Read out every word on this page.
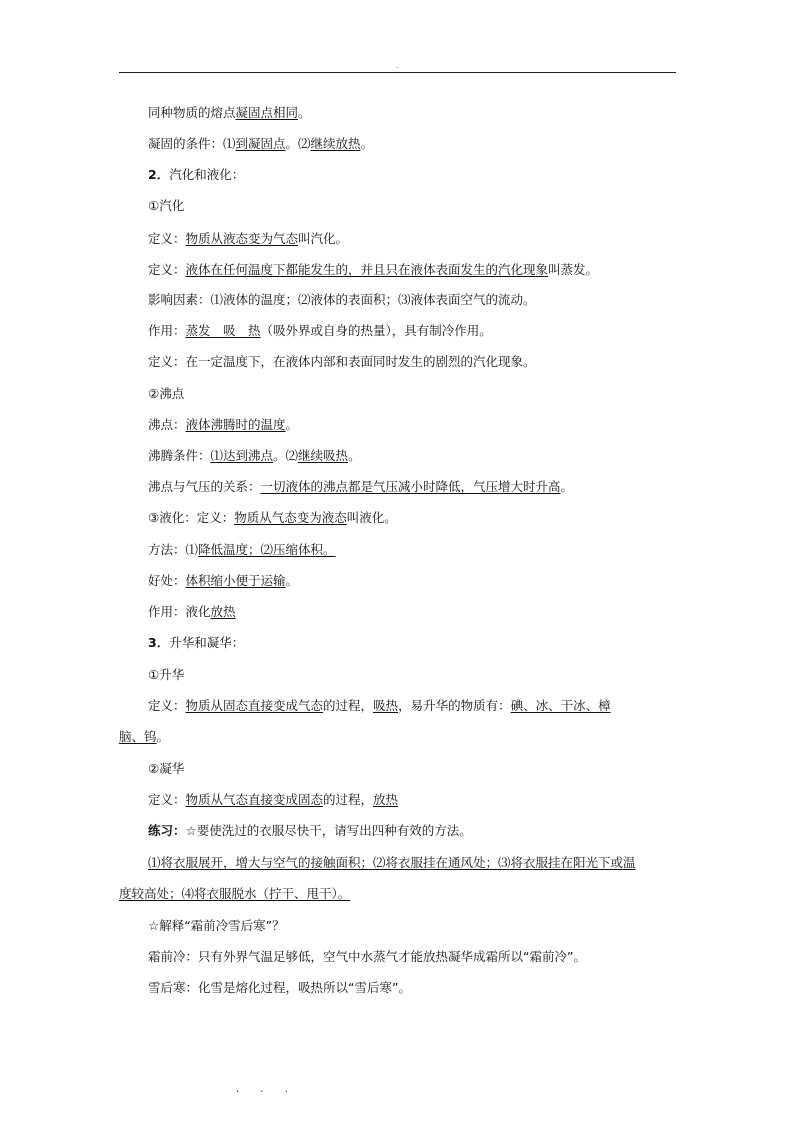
.
同种物质的熔点凝固点相同。
凝固的条件：⑴到凝固点。⑵继续放热。
2．汽化和液化：
①汽化
定义：物质从液态变为气态叫汽化。
定义：液体在任何温度下都能发生的，并且只在液体表面发生的汽化现象叫蒸发。
影响因素：⑴液体的温度；⑵液体的表面积；⑶液体表面空气的流动。
作用：蒸发　吸　热（吸外界或自身的热量），具有制冷作用。
定义：在一定温度下，在液体内部和表面同时发生的剧烈的汽化现象。
②沸点
沸点：液体沸腾时的温度。
沸腾条件：⑴达到沸点。⑵继续吸热。
沸点与气压的关系：一切液体的沸点都是气压减小时降低，气压增大时升高。
③液化：定义：物质从气态变为液态叫液化。
方法：⑴降低温度；⑵压缩体积。
好处：体积缩小便于运输。
作用：液化放热
3．升华和凝华：
①升华
定义：物质从固态直接变成气态的过程，吸热，易升华的物质有：碘、冰、干冰、樟
脑、钨。
②凝华
定义：物质从气态直接变成固态的过程，放热
练习：☆要使洗过的衣服尽快干，请写出四种有效的方法。
⑴将衣服展开，增大与空气的接触面积；⑵将衣服挂在通风处；⑶将衣服挂在阳光下或温
度较高处；⑷将衣服脱水（拧干、甩干）。
☆解释“霜前冷雪后寒”？
霜前冷：只有外界气温足够低，空气中水蒸气才能放热凝华成霜所以“霜前冷”。
雪后寒：化雪是熔化过程，吸热所以“雪后寒”。
. . .
